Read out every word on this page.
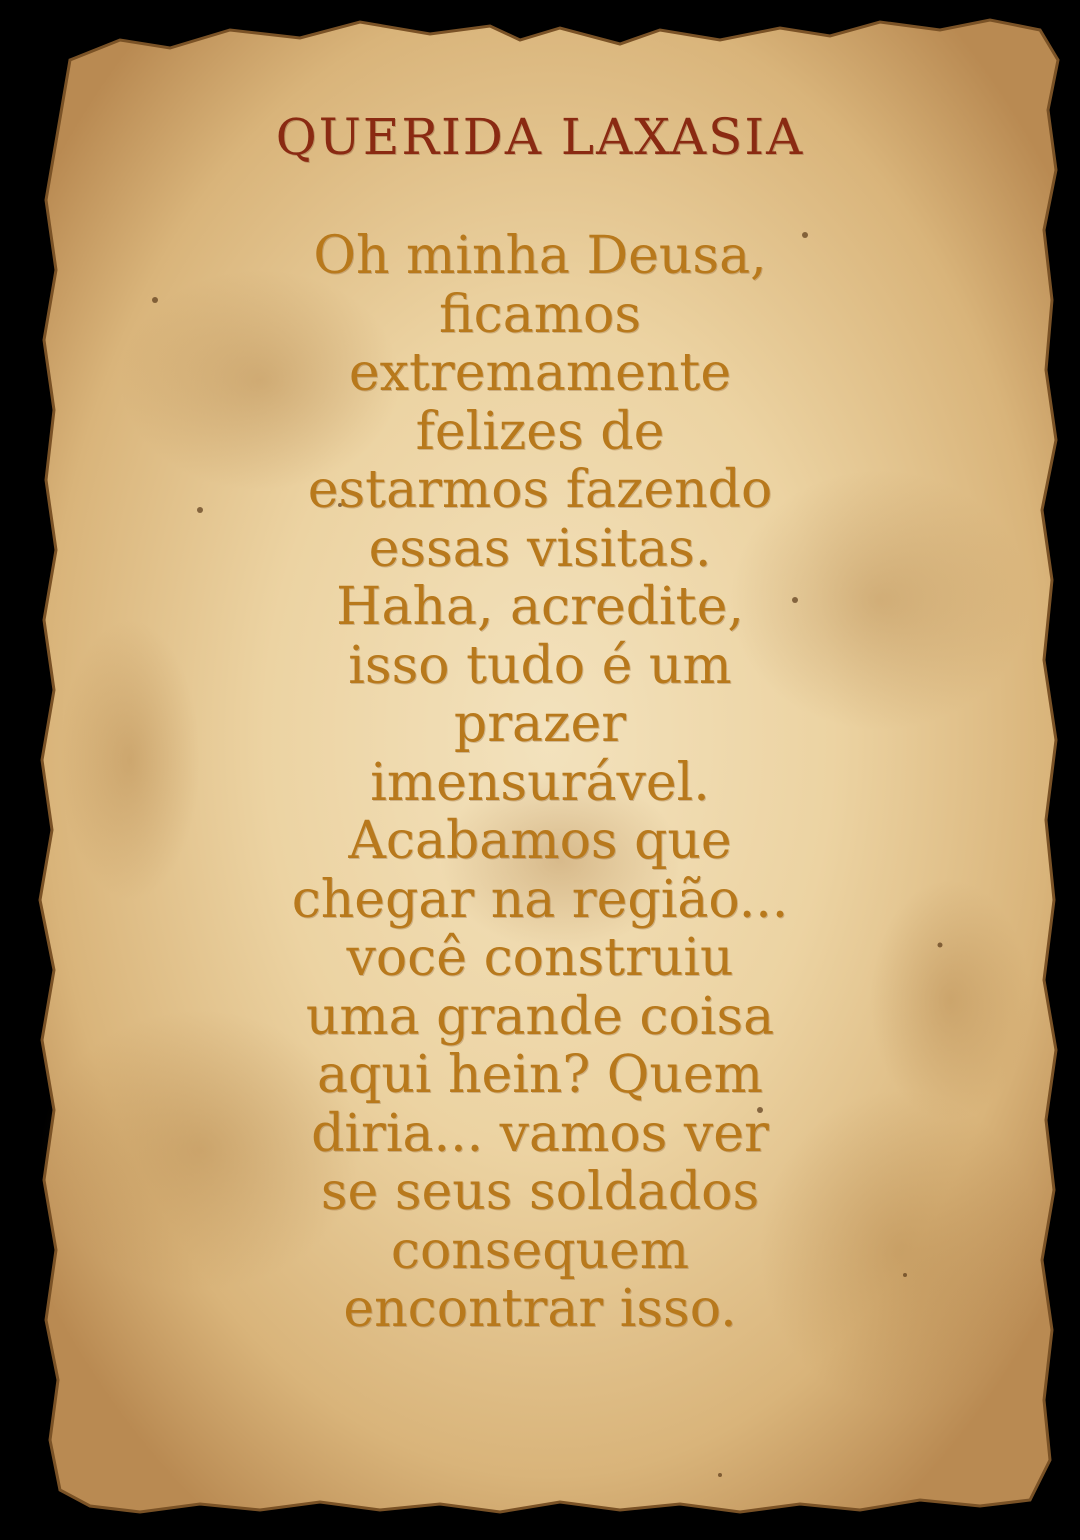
QUERIDA LAXASIA
Oh minha Deusa,
ficamos
extremamente
felizes de
estarmos fazendo
essas visitas.
Haha, acredite,
isso tudo é um
prazer
imensurável.
Acabamos que
chegar na região...
você construiu
uma grande coisa
aqui hein? Quem
diria... vamos ver
se seus soldados
consequem
encontrar isso.
